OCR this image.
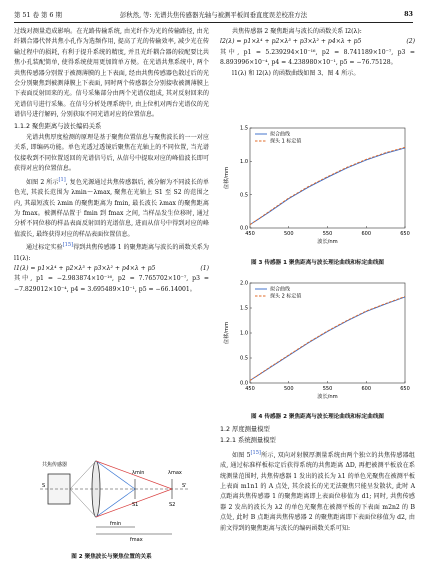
第 51 卷 第 6 期	彭秋然, 等: 光谱共焦传感器光轴与被测平板间垂直度误差校准方法	83

过线对测量造成影响。在光路传输系统, 由光纤作为光的传输路径, 由光纤耦合器代替共焦小孔作为选频作用, 提高了光的传输效率, 减少光在传输过程中的损耗, 有利于提升系统的精度, 并且光纤耦合器的较配要比共焦小孔装配简单, 使得系统使用更加简单方便。在光谱共焦系统中, 两个共焦传感器分别置于被测薄膜的上下表面, 经由共焦传感器色散过后的光会分别聚焦到被测薄膜上下表面, 同时两个传感器会分别接收被测薄膜上下表面反射回来的光。信号采集部分由两个光谱仪组成, 其对反射回来的光谱信号进行采集。在信号分析处理系统中, 由上位机对两台光谱仪的光谱信号进行解码, 分别获取不同光谱对应的位置信息。

1.1.2 聚焦距离与波长编码关系

光谱共焦厚度检测的原理是基于聚焦位置信息与聚焦波长的一一对应关系, 即编码功能。单色光透过透镜后聚焦在光轴上的不同位置, 当光谱仪接收到不同位置返回的光谱信号后, 从信号中提取对应的峰值波长即可获得对应的位置信息。

如图 2 所示[1], 复色光源通过共焦传感器后, 被分解为不同波长的单色光, 其波长范围为 λmin～λmax, 聚焦在光轴上 S1 至 S2 的范围之内, 其最短波长 λmin 的聚焦距离为 fmin, 最长波长 λmax 的聚焦距离为 fmax。被测样品置于 fmin 到 fmax 之间, 当样品发生位移时, 通过分析不同位移的样品表面反射回的光谱信息, 进而从信号中得到对应的峰值波长, 最终获得对应的样品表面位置信息。

通过标定实验[15]得到共焦传感器 1 的聚焦距离与波长的函数关系为 l1(λ):

l1(λ) = p1×λ⁴ + p2×λ³ + p3×λ² + p4×λ + p5	(1)

其中, p1 = −2.983874×10⁻¹⁶, p2 = 7.765702×10⁻⁷, p3 = −7.829012×10⁻⁴, p4 = 3.695489×10⁻¹, p5 = −66.14001。

共焦传感器
λmin	λmax
fmin
fmax
S
S1	S2
S'
图 2 聚焦波长与聚焦位置的关系

共焦传感器 2 聚焦距离与波长的函数关系 l2(λ):

l2(λ) = p1×λ⁴ + p2×λ³ + p3×λ² + p4×λ + p5	(2)

其中, p1 = 5.239294×10⁻¹⁶, p2 = 8.741189×10⁻⁷, p3 = 8.893996×10⁻⁴, p4 = 4.238980×10⁻¹, p5 = −76.75128。

l1(λ) 和 l2(λ) 的函数曲线如图 3、图 4 所示。

450	500	550	600	650
0.0
0.5
1.0
1.5
波长/nm
位移/mm
拟合曲线
探头 1 标定值
图 3 传感器 1 聚焦距离与波长理论曲线和标定曲线图
450	500	550	600	650
0.0
0.5
1.0
1.5
2.0
波长/nm
位移/mm
拟合曲线
探头 2 标定值
图 4 传感器 2 聚焦距离与波长理论曲线和标定曲线图
1.2 厚度测量模型
1.2.1 系统测量模型

如图 5[15]所示, 双向对射膜厚测量系统由两个独立的共焦传感器组成, 通过标准样板标定后获得系统的共焦距离 ΔD, 再把被测平板放在系统测量范围时, 共焦传感器 1 发出的波长为 λ1 的单色光聚焦在被测平板上表面 m1n1 的 A 点处, 其余波长的光无法聚焦只能呈发散状, 此时 A 点距离共焦传感器 1 的聚焦距离即上表面位移值为 d1; 同时, 共焦传感器 2 发出的波长为 λ2 的单色光聚焦在被测平板的下表面 m2n2 的 B 点处, 此时 B 点距离共焦传感器 2 的聚焦距离即下表面位移值为 d2, 由前文得到的聚焦距离与波长的编码函数关系可知:
